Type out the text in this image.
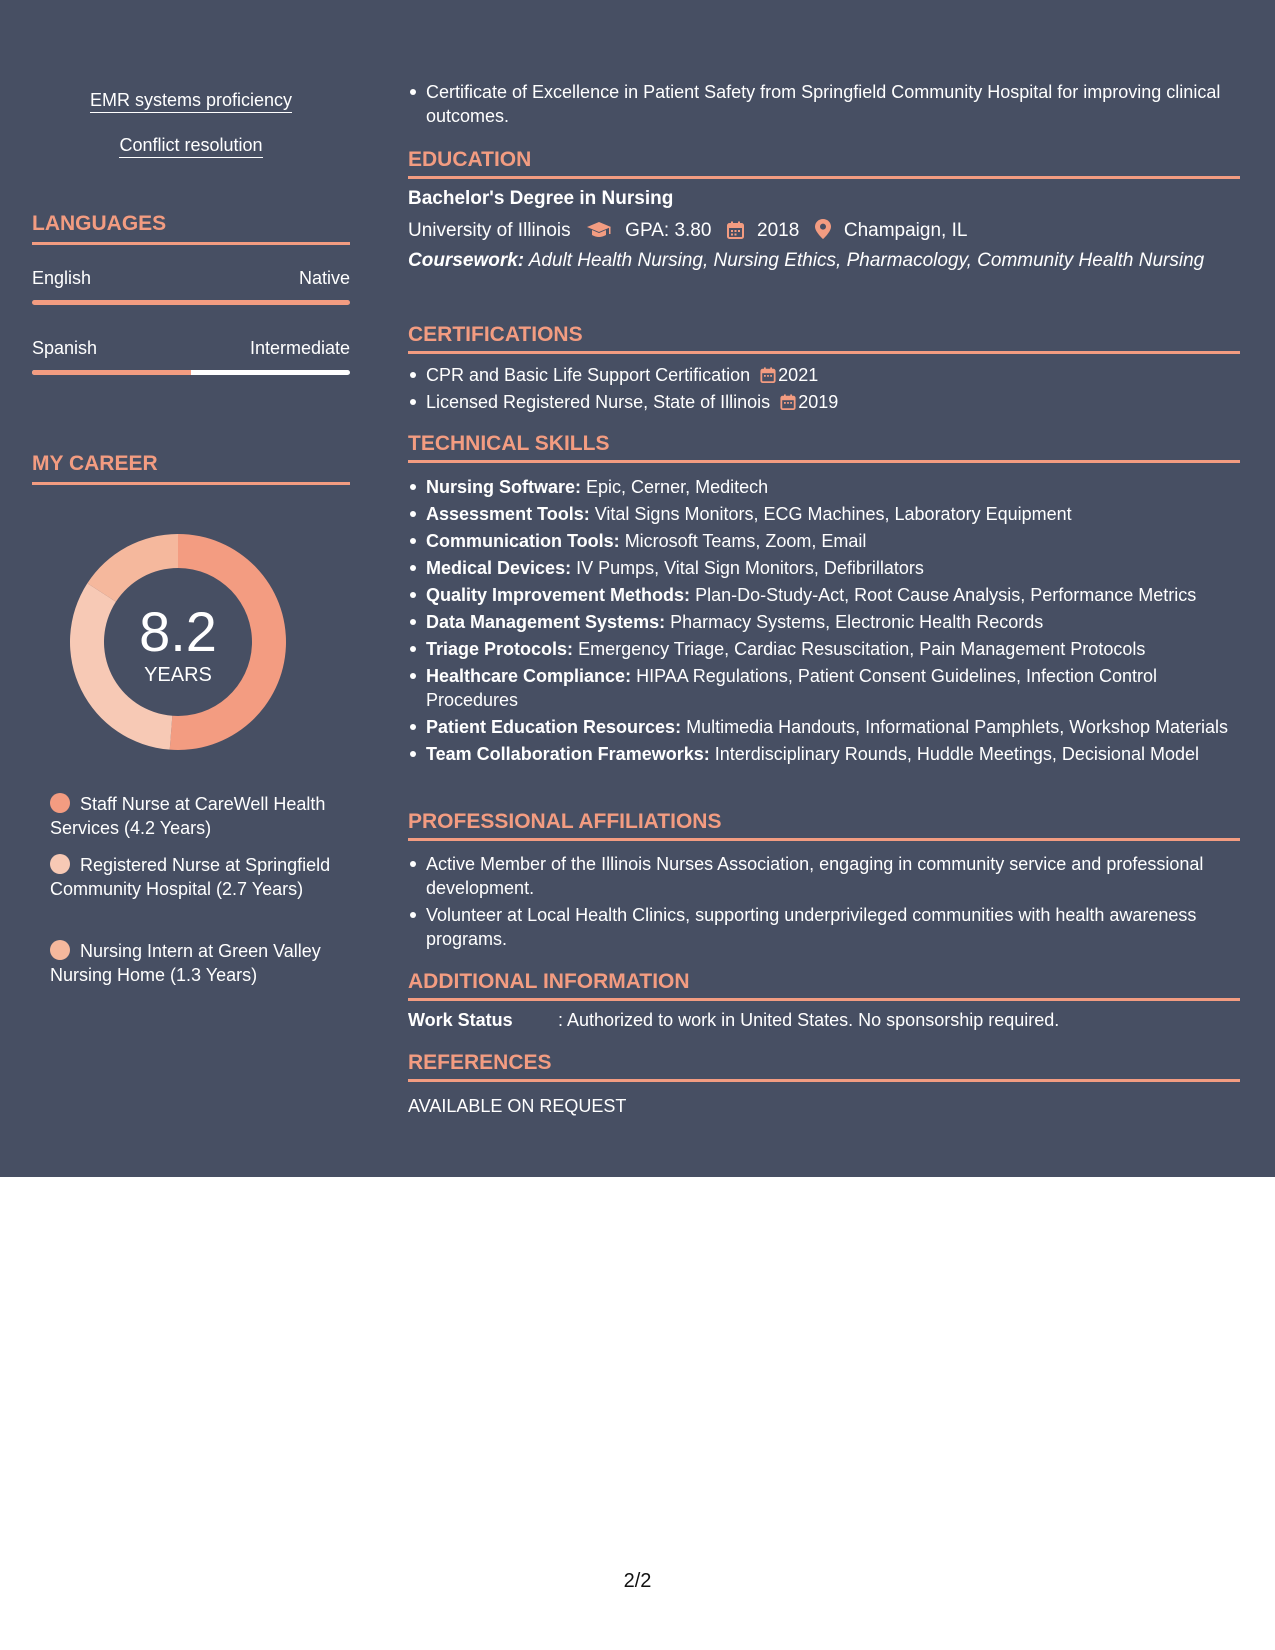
EMR systems proficiency
Conflict resolution
LANGUAGES
English	Native
Spanish	Intermediate
MY CAREER
8.2
YEARS
Staff Nurse at CareWell Health Services (4.2 Years)
Registered Nurse at Springfield Community Hospital (2.7 Years)
Nursing Intern at Green Valley Nursing Home (1.3 Years)
Certificate of Excellence in Patient Safety from Springfield Community Hospital for improving clinical outcomes.
EDUCATION
Bachelor's Degree in Nursing
University of Illinois	GPA: 3.80 2018 Champaign, IL
Coursework: Adult Health Nursing, Nursing Ethics, Pharmacology, Community Health Nursing
CERTIFICATIONS
CPR and Basic Life Support Certification 2021
Licensed Registered Nurse, State of Illinois 2019
TECHNICAL SKILLS
Nursing Software: Epic, Cerner, Meditech
Assessment Tools: Vital Signs Monitors, ECG Machines, Laboratory Equipment
Communication Tools: Microsoft Teams, Zoom, Email
Medical Devices: IV Pumps, Vital Sign Monitors, Defibrillators
Quality Improvement Methods: Plan-Do-Study-Act, Root Cause Analysis, Performance Metrics
Data Management Systems: Pharmacy Systems, Electronic Health Records
Triage Protocols: Emergency Triage, Cardiac Resuscitation, Pain Management Protocols
Healthcare Compliance: HIPAA Regulations, Patient Consent Guidelines, Infection Control Procedures
Patient Education Resources: Multimedia Handouts, Informational Pamphlets, Workshop Materials
Team Collaboration Frameworks: Interdisciplinary Rounds, Huddle Meetings, Decisional Model
PROFESSIONAL AFFILIATIONS
Active Member of the Illinois Nurses Association, engaging in community service and professional development.
Volunteer at Local Health Clinics, supporting underprivileged communities with health awareness programs.
ADDITIONAL INFORMATION
Work Status	: Authorized to work in United States. No sponsorship required.
REFERENCES
AVAILABLE ON REQUEST
2/2
